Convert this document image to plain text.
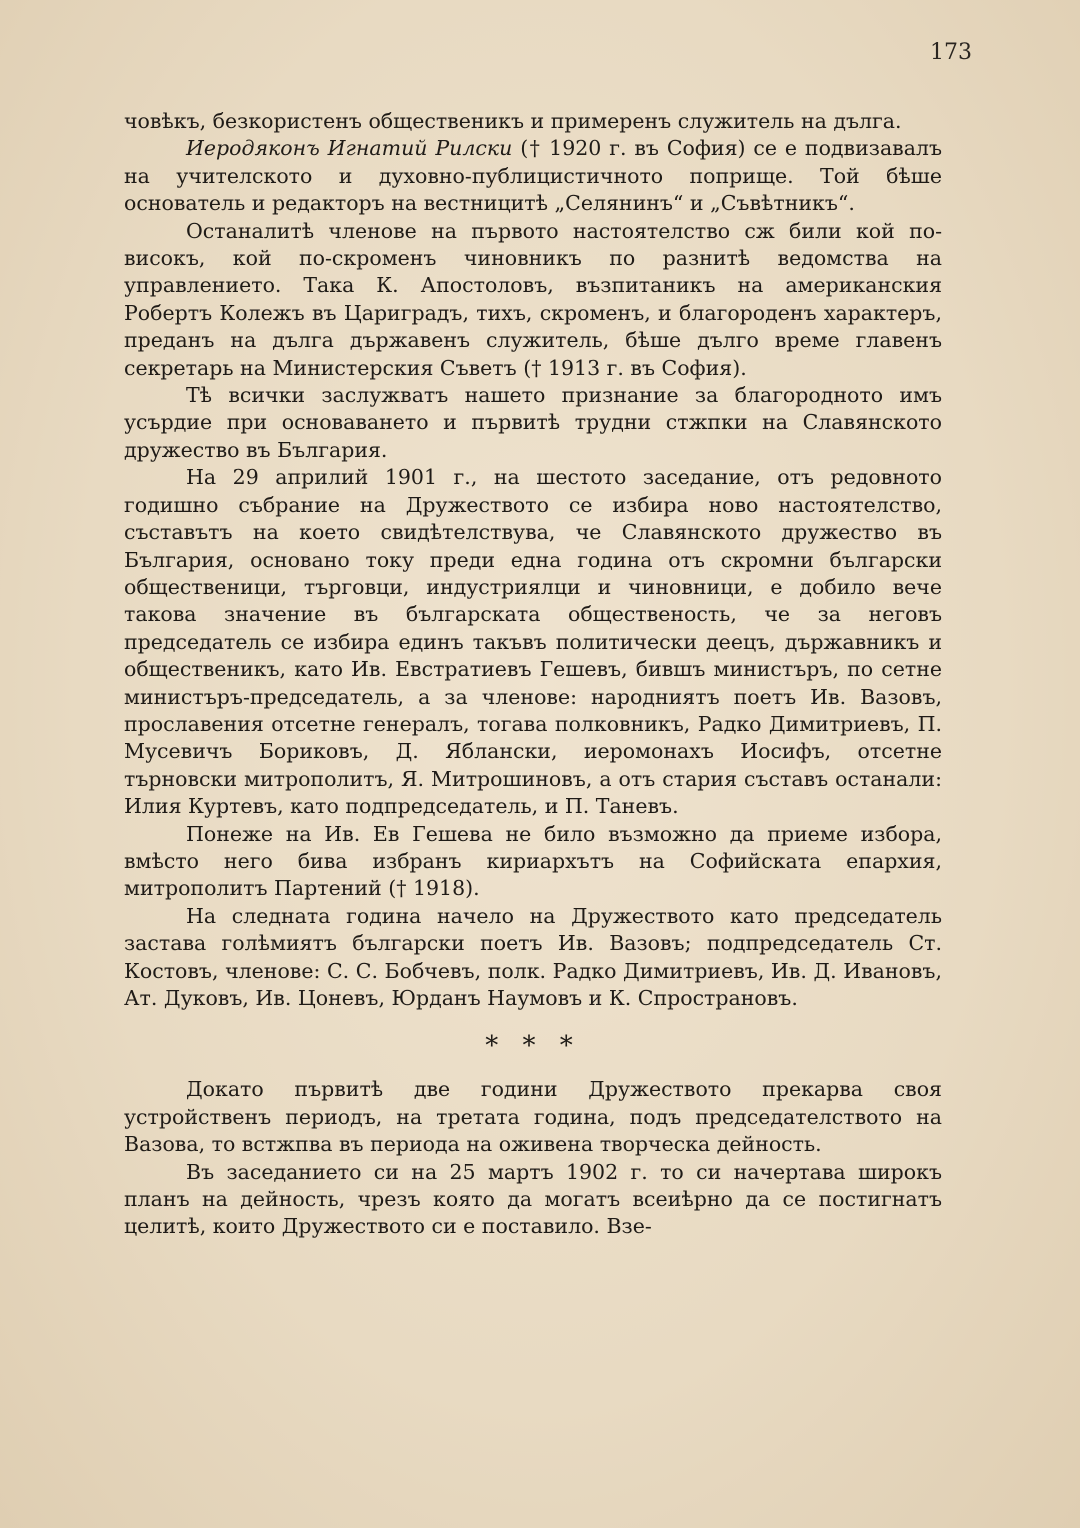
173

човѣкъ, безкористенъ общественикъ и примеренъ служитель на дълга.

Иеродяконъ Игнатий Рилски († 1920 г. въ София) се е подвизавалъ на учителското и духовно-публицистичното поприще. Той бѣше основатель и редакторъ на вестницитѣ „Селянинъ“ и „Съвѣтникъ“.

Останалитѣ членове на първото настоятелство сж били кой по-високъ, кой по-скроменъ чиновникъ по разнитѣ ведомства на управлението. Така К. Апостоловъ, възпитаникъ на американския Робертъ Колежъ въ Цариградъ, тихъ, скроменъ, и благороденъ характеръ, преданъ на дълга държавенъ служитель, бѣше дълго време главенъ секретарь на Министерския Съветъ († 1913 г. въ София).

Тѣ всички заслужватъ нашето признание за благородното имъ усърдие при основаването и първитѣ трудни стжпки на Славянското дружество въ България.

На 29 априлий 1901 г., на шестото заседание, отъ редовното годишно събрание на Дружеството се избира ново настоятелство, съставътъ на което свидѣтелствува, че Славянското дружество въ България, основано току преди една година отъ скромни български общественици, търговци, индустриялци и чиновници, е добило вече такова значение въ българската общественость, че за неговъ председатель се избира единъ такъвъ политически деецъ, държавникъ и общественикъ, като Ив. Евстратиевъ Гешевъ, бившъ министъръ, по сетне министъръ-председатель, а за членове: народниятъ поетъ Ив. Вазовъ, прославения отсетне генералъ, тогава полковникъ, Радко Димитриевъ, П. Мусевичъ Бориковъ, Д. Яблански, иеромонахъ Иосифъ, отсетне търновски митрополитъ, Я. Митрошиновъ, а отъ стария съставъ останали: Илия Куртевъ, като подпредседатель, и П. Таневъ.

Понеже на Ив. Ев Гешева не било възможно да приеме избора, вмѣсто него бива избранъ кириархътъ на Софийската епархия, митрополитъ Партений († 1918).

На следната година начело на Дружеството като председатель застава голѣмиятъ български поетъ Ив. Вазовъ; подпредседатель Ст. Костовъ, членове: С. С. Бобчевъ, полк. Радко Димитриевъ, Ив. Д. Ивановъ, Ат. Дуковъ, Ив. Цоневъ, Юрданъ Наумовъ и К. Спространовъ.

* * *

Докато първитѣ две години Дружеството прекарва своя устройственъ периодъ, на третата година, подъ председателството на Вазова, то встжпва въ периода на оживена творческа дейность.

Въ заседанието си на 25 мартъ 1902 г. то си начертава широкъ планъ на дейность, чрезъ която да могатъ всеиѣрно да се постигнатъ целитѣ, които Дружеството си е поставило. Взе-
